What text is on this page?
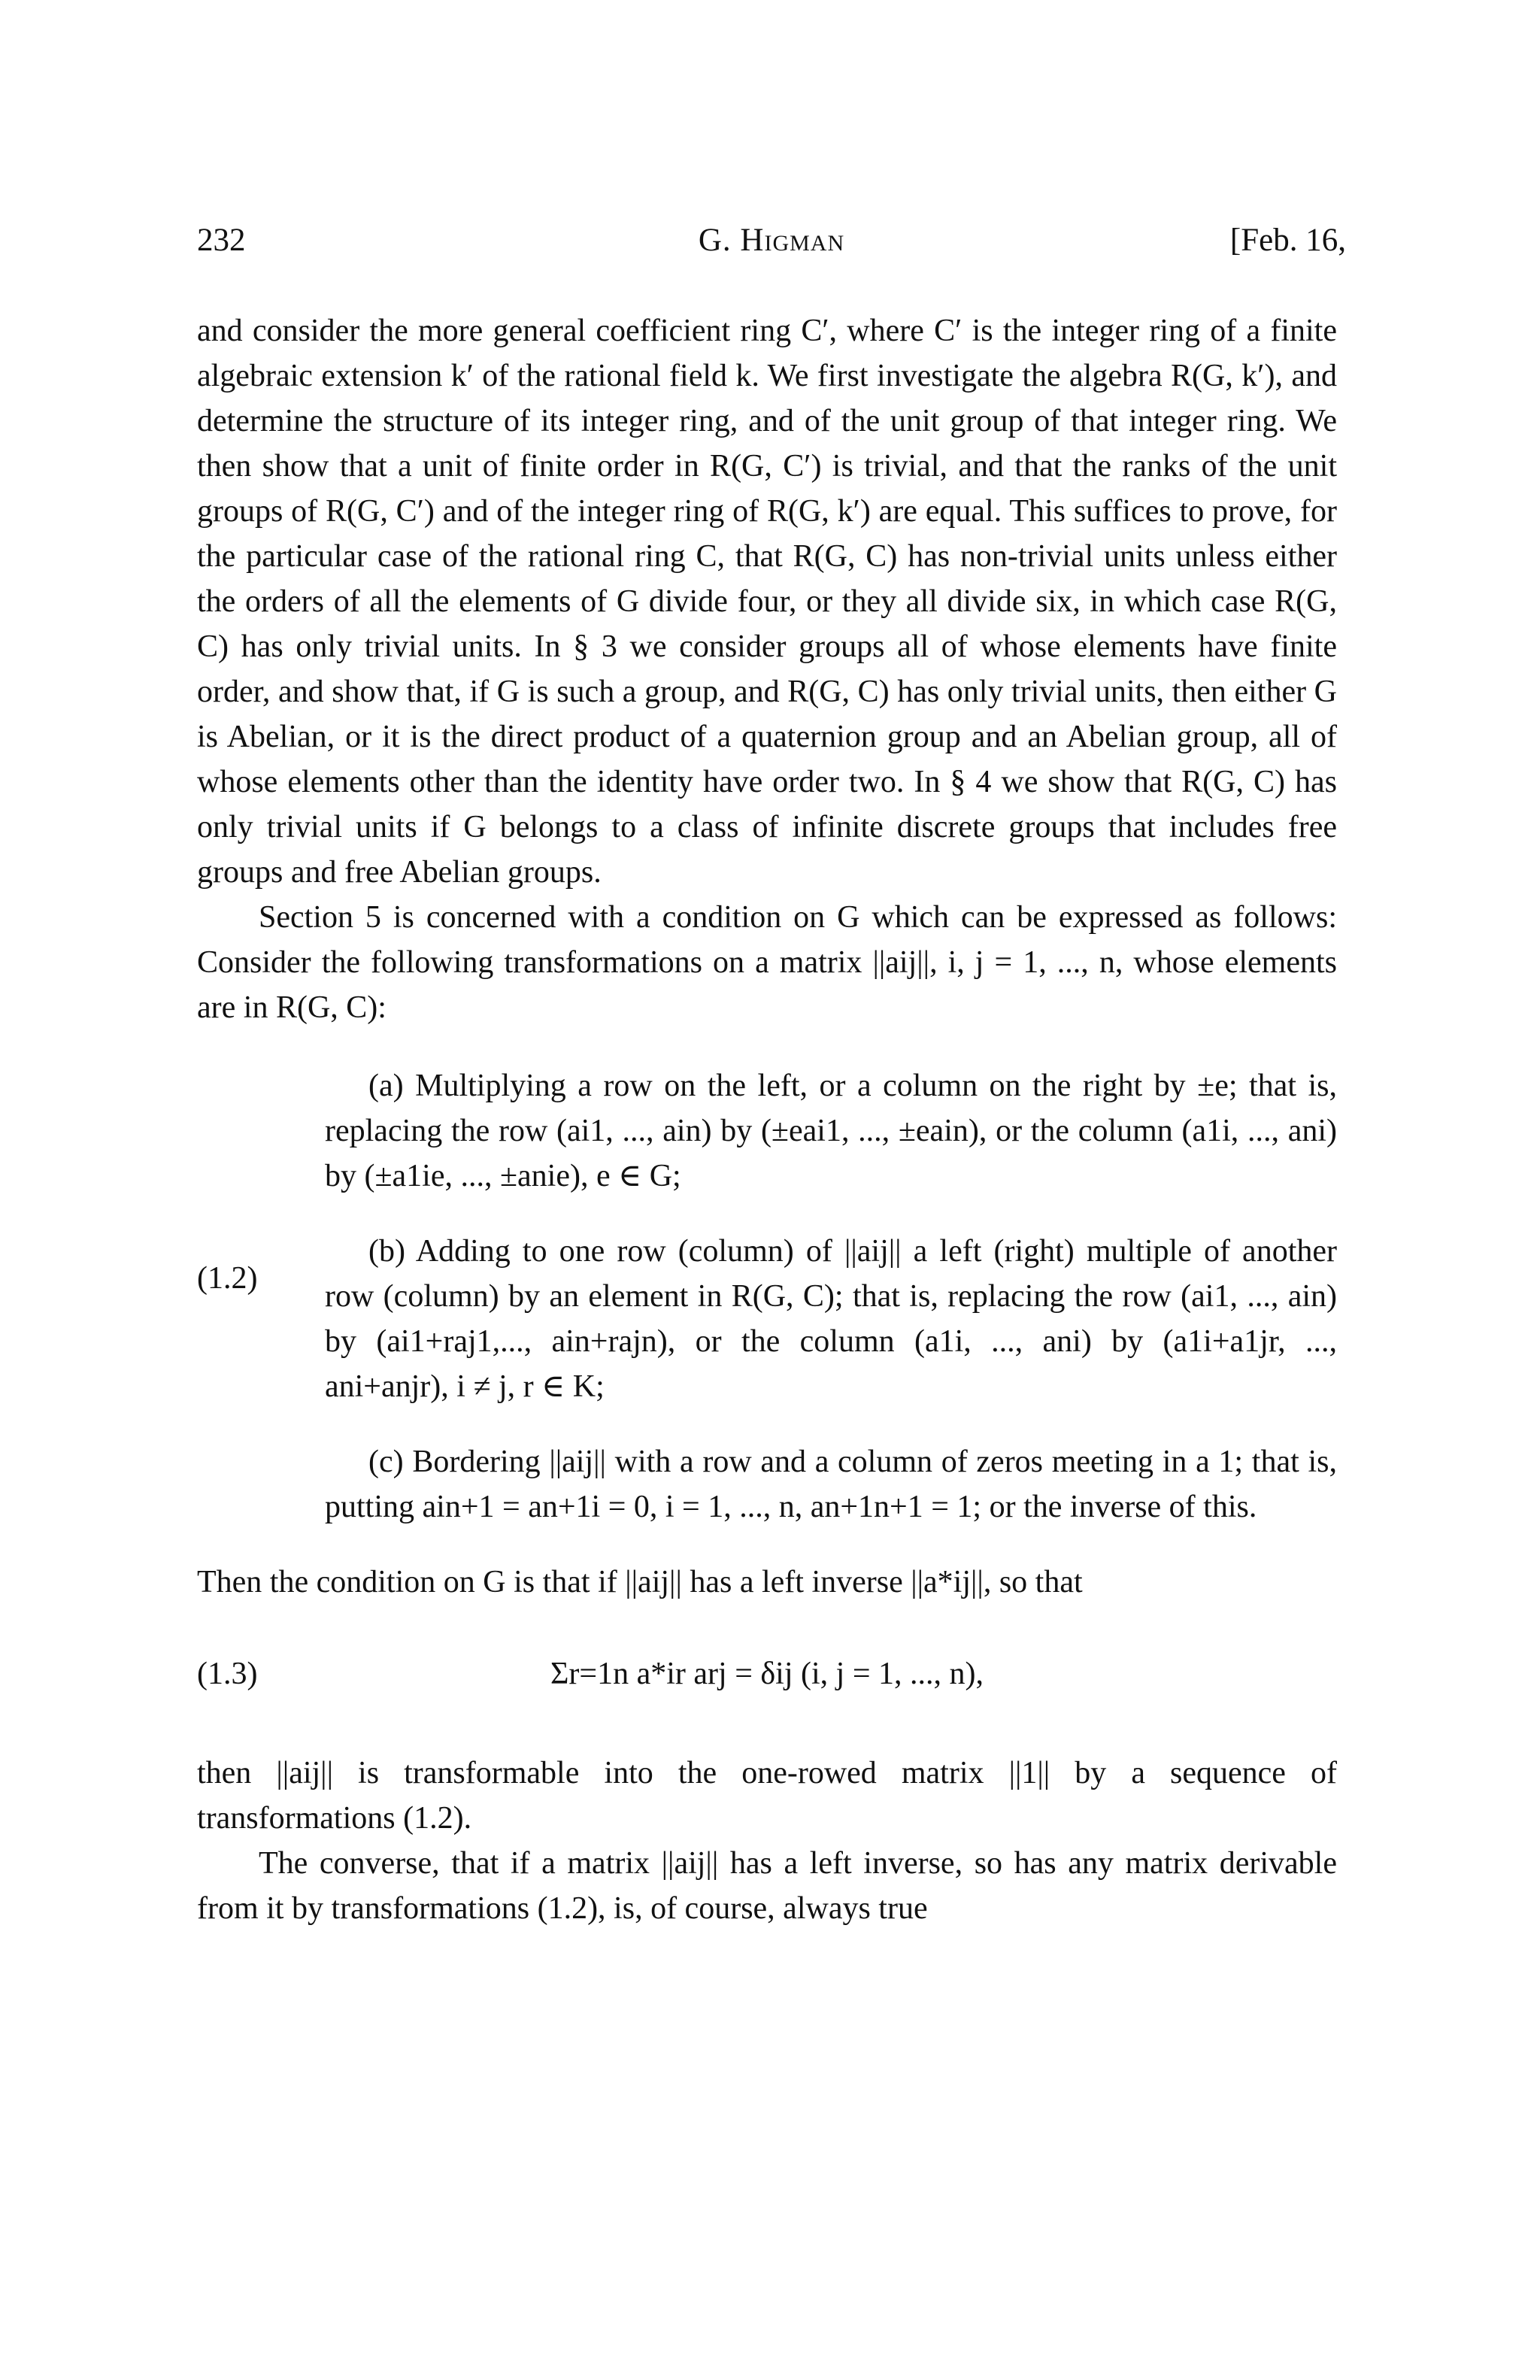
232	G. Higman	[Feb. 16,

and consider the more general coefficient ring C′, where C′ is the integer ring of a finite algebraic extension k′ of the rational field k. We first investigate the algebra R(G, k′), and determine the structure of its integer ring, and of the unit group of that integer ring. We then show that a unit of finite order in R(G, C′) is trivial, and that the ranks of the unit groups of R(G, C′) and of the integer ring of R(G, k′) are equal. This suffices to prove, for the particular case of the rational ring C, that R(G, C) has non-trivial units unless either the orders of all the elements of G divide four, or they all divide six, in which case R(G, C) has only trivial units. In § 3 we consider groups all of whose elements have finite order, and show that, if G is such a group, and R(G, C) has only trivial units, then either G is Abelian, or it is the direct product of a quaternion group and an Abelian group, all of whose elements other than the identity have order two. In § 4 we show that R(G, C) has only trivial units if G belongs to a class of infinite discrete groups that includes free groups and free Abelian groups.

Section 5 is concerned with a condition on G which can be expressed as follows: Consider the following transformations on a matrix ||aij||, i, j = 1, ..., n, whose elements are in R(G, C):

(a) Multiplying a row on the left, or a column on the right by ±e; that is, replacing the row (ai1, ..., ain) by (±eai1, ..., ±eain), or the column (a1i, ..., ani) by (±a1ie, ..., ±anie), e ∈ G;

(1.2)

(b) Adding to one row (column) of ||aij|| a left (right) multiple of another row (column) by an element in R(G, C); that is, replacing the row (ai1, ..., ain) by (ai1+raj1,..., ain+rajn), or the column (a1i, ..., ani) by (a1i+a1jr, ..., ani+anjr), i ≠ j, r ∈ K;

(c) Bordering ||aij|| with a row and a column of zeros meeting in a 1; that is, putting ain+1 = an+1i = 0, i = 1, ..., n, an+1n+1 = 1; or the inverse of this.

Then the condition on G is that if ||aij|| has a left inverse ||a*ij||, so that

(1.3)	Σr=1n a*ir arj = δij (i, j = 1, ..., n),

then ||aij|| is transformable into the one-rowed matrix ||1|| by a sequence of transformations (1.2).

The converse, that if a matrix ||aij|| has a left inverse, so has any matrix derivable from it by transformations (1.2), is, of course, always true
